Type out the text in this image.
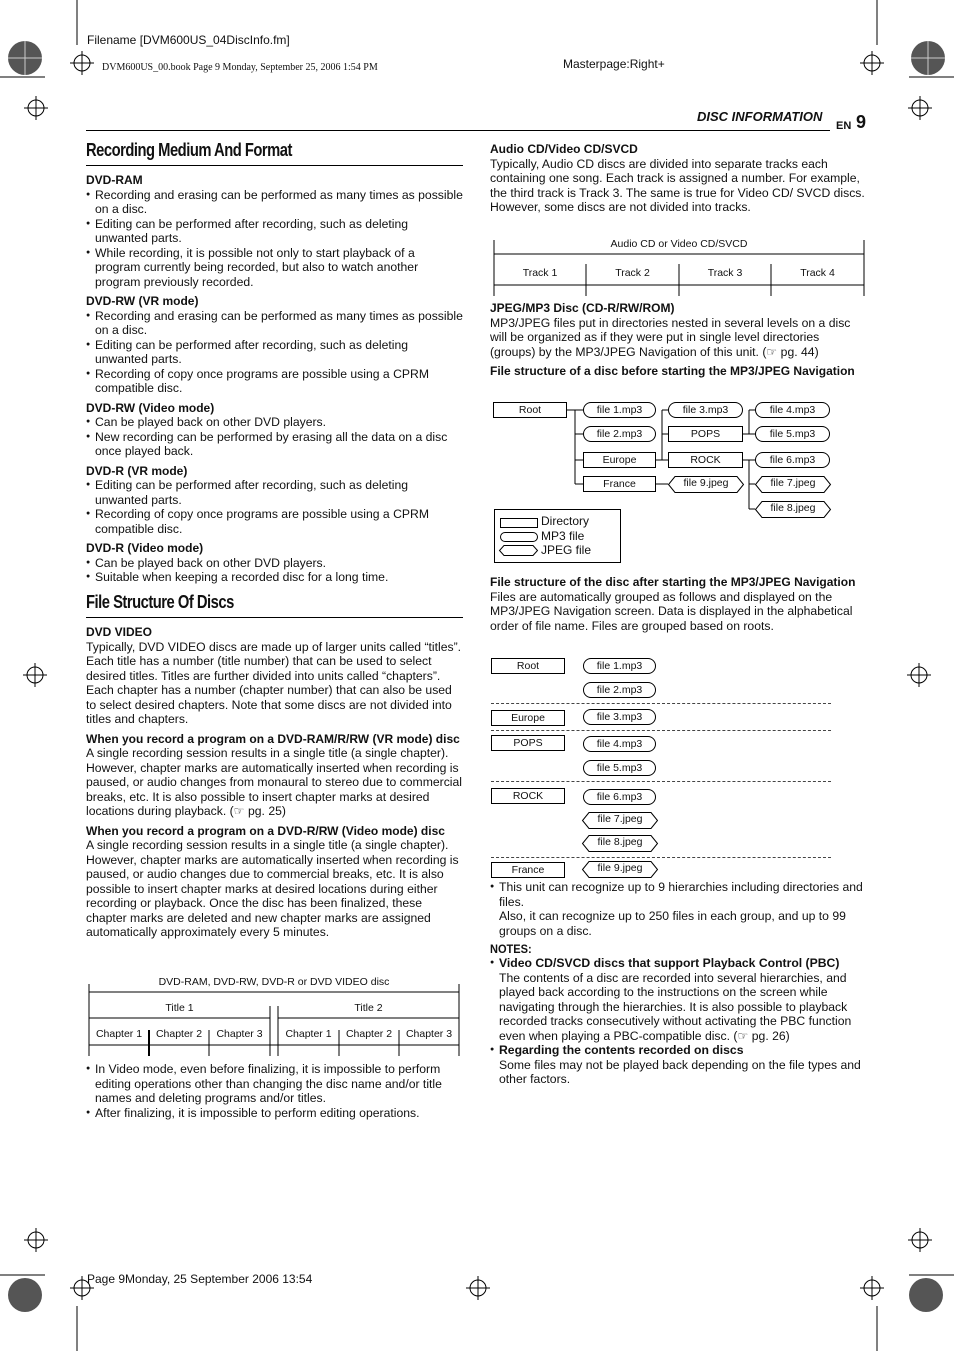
Filename [DVM600US_04DiscInfo.fm]
DVM600US_00.book Page 9 Monday, September 25, 2006 1:54 PM	Masterpage:Right+
DISC INFORMATION
EN 9
Recording Medium And Format
DVD-RAM
● Recording and erasing can be performed as many times as possible on a disc.
● Editing can be performed after recording, such as deleting unwanted parts.
● While recording, it is possible not only to start playback of a program currently being recorded, but also to watch another program previously recorded.
DVD-RW (VR mode)
● Recording and erasing can be performed as many times as possible on a disc.
● Editing can be performed after recording, such as deleting unwanted parts.
● Recording of copy once programs are possible using a CPRM compatible disc.
DVD-RW (Video mode)
● Can be played back on other DVD players.
● New recording can be performed by erasing all the data on a disc once played back.
DVD-R (VR mode)
● Editing can be performed after recording, such as deleting unwanted parts.
● Recording of copy once programs are possible using a CPRM compatible disc.
DVD-R (Video mode)
● Can be played back on other DVD players.
● Suitable when keeping a recorded disc for a long time.
File Structure Of Discs
DVD VIDEO
Typically, DVD VIDEO discs are made up of larger units called “titles”. Each title has a number (title number) that can be used to select desired titles. Titles are further divided into units called “chapters”. Each chapter has a number (chapter number) that can also be used to select desired chapters. Note that some discs are not divided into titles and chapters.
When you record a program on a DVD-RAM/R/RW (VR mode) disc
A single recording session results in a single title (a single chapter). However, chapter marks are automatically inserted when recording is paused, or audio changes from monaural to stereo due to commercial breaks, etc. It is also possible to insert chapter marks at desired locations during playback. (☞ pg. 25)
When you record a program on a DVD-R/RW (Video mode) disc
A single recording session results in a single title (a single chapter). However, chapter marks are automatically inserted when recording is paused, or audio changes due to commercial breaks, etc. It is also possible to insert chapter marks at desired locations during either recording or playback. Once the disc has been finalized, these chapter marks are deleted and new chapter marks are assigned automatically approximately every 5 minutes.
DVD-RAM, DVD-RW, DVD-R or DVD VIDEO disc
Title 1	Title 2
Chapter 1	Chapter 2	Chapter 3	Chapter 1	Chapter 2	Chapter 3
● In Video mode, even before finalizing, it is impossible to perform editing operations other than changing the disc name and/or title names and deleting programs and/or titles.
● After finalizing, it is impossible to perform editing operations.
Audio CD/Video CD/SVCD
Typically, Audio CD discs are divided into separate tracks each containing one song. Each track is assigned a number. For example, the third track is Track 3. The same is true for Video CD/ SVCD discs.
However, some discs are not divided into tracks.
Audio CD or Video CD/SVCD
Track 1	Track 2	Track 3	Track 4
JPEG/MP3 Disc (CD-R/RW/ROM)
MP3/JPEG files put in directories nested in several levels on a disc will be organized as if they were put in single level directories (groups) by the MP3/JPEG Navigation of this unit. (☞ pg. 44)
File structure of a disc before starting the MP3/JPEG Navigation
Root	file 1.mp3
file 2.mp3
Europe
France
file 3.mp3
POPS
ROCK
file 9.jpeg
file 4.mp3
file 5.mp3
file 6.mp3
file 7.jpeg
file 8.jpeg
Directory
MP3 file
JPEG file
File structure of the disc after starting the MP3/JPEG Navigation
Files are automatically grouped as follows and displayed on the MP3/JPEG Navigation screen. Data is displayed in the alphabetical order of file name. Files are grouped based on roots.
Root	file 1.mp3
file 2.mp3
Europe	file 3.mp3
POPS	file 4.mp3
file 5.mp3
ROCK	file 6.mp3
file 7.jpeg
file 8.jpeg
France	file 9.jpeg
● This unit can recognize up to 9 hierarchies including directories and files.
Also, it can recognize up to 250 files in each group, and up to 99 groups on a disc.
NOTES:
● Video CD/SVCD discs that support Playback Control (PBC)
The contents of a disc are recorded into several hierarchies, and played back according to the instructions on the screen while navigating through the hierarchies. It is also possible to playback recorded tracks consecutively without activating the PBC function even when playing a PBC-compatible disc. (☞ pg. 26)
● Regarding the contents recorded on discs
Some files may not be played back depending on the file types and other factors.
Page 9Monday, 25 September 2006 13:54
